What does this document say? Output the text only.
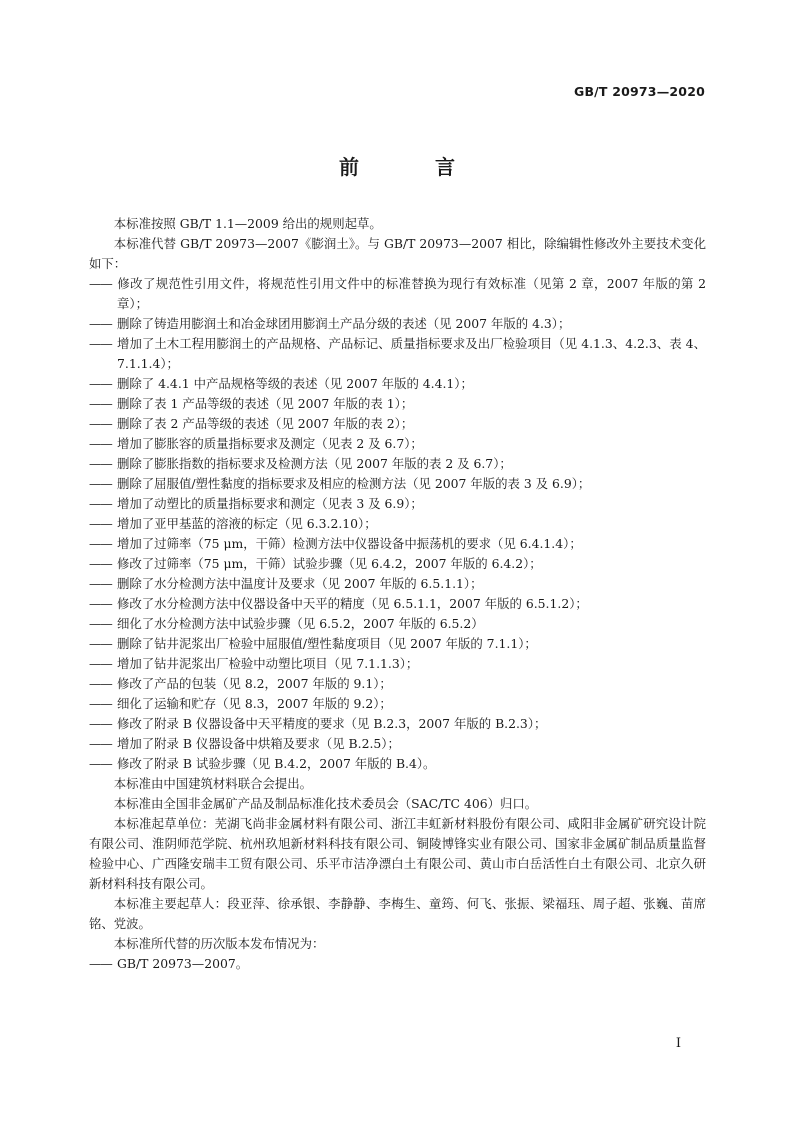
GB/T 20973—2020
前　言

本标准按照 GB/T 1.1—2009 给出的规则起草。

本标准代替 GB/T 20973—2007《膨润土》。与 GB/T 20973—2007 相比，除编辑性修改外主要技术变化如下：

—— 修改了规范性引用文件，将规范性引用文件中的标准替换为现行有效标准（见第 2 章，2007 年版的第 2 章）；

—— 删除了铸造用膨润土和冶金球团用膨润土产品分级的表述（见 2007 年版的 4.3）；

—— 增加了土木工程用膨润土的产品规格、产品标记、质量指标要求及出厂检验项目（见 4.1.3、4.2.3、表 4、7.1.1.4）；

—— 删除了 4.4.1 中产品规格等级的表述（见 2007 年版的 4.4.1）；

—— 删除了表 1 产品等级的表述（见 2007 年版的表 1）；

—— 删除了表 2 产品等级的表述（见 2007 年版的表 2）；

—— 增加了膨胀容的质量指标要求及测定（见表 2 及 6.7）；

—— 删除了膨胀指数的指标要求及检测方法（见 2007 年版的表 2 及 6.7）；

—— 删除了屈服值/塑性黏度的指标要求及相应的检测方法（见 2007 年版的表 3 及 6.9）；

—— 增加了动塑比的质量指标要求和测定（见表 3 及 6.9）；

—— 增加了亚甲基蓝的溶液的标定（见 6.3.2.10）；

—— 增加了过筛率（75 μm，干筛）检测方法中仪器设备中振荡机的要求（见 6.4.1.4）；

—— 修改了过筛率（75 μm，干筛）试验步骤（见 6.4.2，2007 年版的 6.4.2）；

—— 删除了水分检测方法中温度计及要求（见 2007 年版的 6.5.1.1）；

—— 修改了水分检测方法中仪器设备中天平的精度（见 6.5.1.1，2007 年版的 6.5.1.2）；

—— 细化了水分检测方法中试验步骤（见 6.5.2，2007 年版的 6.5.2）

—— 删除了钻井泥浆出厂检验中屈服值/塑性黏度项目（见 2007 年版的 7.1.1）；

—— 增加了钻井泥浆出厂检验中动塑比项目（见 7.1.1.3）；

—— 修改了产品的包装（见 8.2，2007 年版的 9.1）；

—— 细化了运输和贮存（见 8.3，2007 年版的 9.2）；

—— 修改了附录 B 仪器设备中天平精度的要求（见 B.2.3，2007 年版的 B.2.3）；

—— 增加了附录 B 仪器设备中烘箱及要求（见 B.2.5）；

—— 修改了附录 B 试验步骤（见 B.4.2，2007 年版的 B.4）。

本标准由中国建筑材料联合会提出。

本标准由全国非金属矿产品及制品标准化技术委员会（SAC/TC 406）归口。

本标准起草单位：芜湖飞尚非金属材料有限公司、浙江丰虹新材料股份有限公司、咸阳非金属矿研究设计院有限公司、淮阴师范学院、杭州玖旭新材料科技有限公司、铜陵博锋实业有限公司、国家非金属矿制品质量监督检验中心、广西隆安瑞丰工贸有限公司、乐平市洁净漂白土有限公司、黄山市白岳活性白土有限公司、北京久研新材料科技有限公司。

本标准主要起草人：段亚萍、徐承银、李静静、李梅生、童筠、何飞、张振、梁福珏、周子超、张巍、苗席铭、党波。

本标准所代替的历次版本发布情况为：

—— GB/T 20973—2007。

I
